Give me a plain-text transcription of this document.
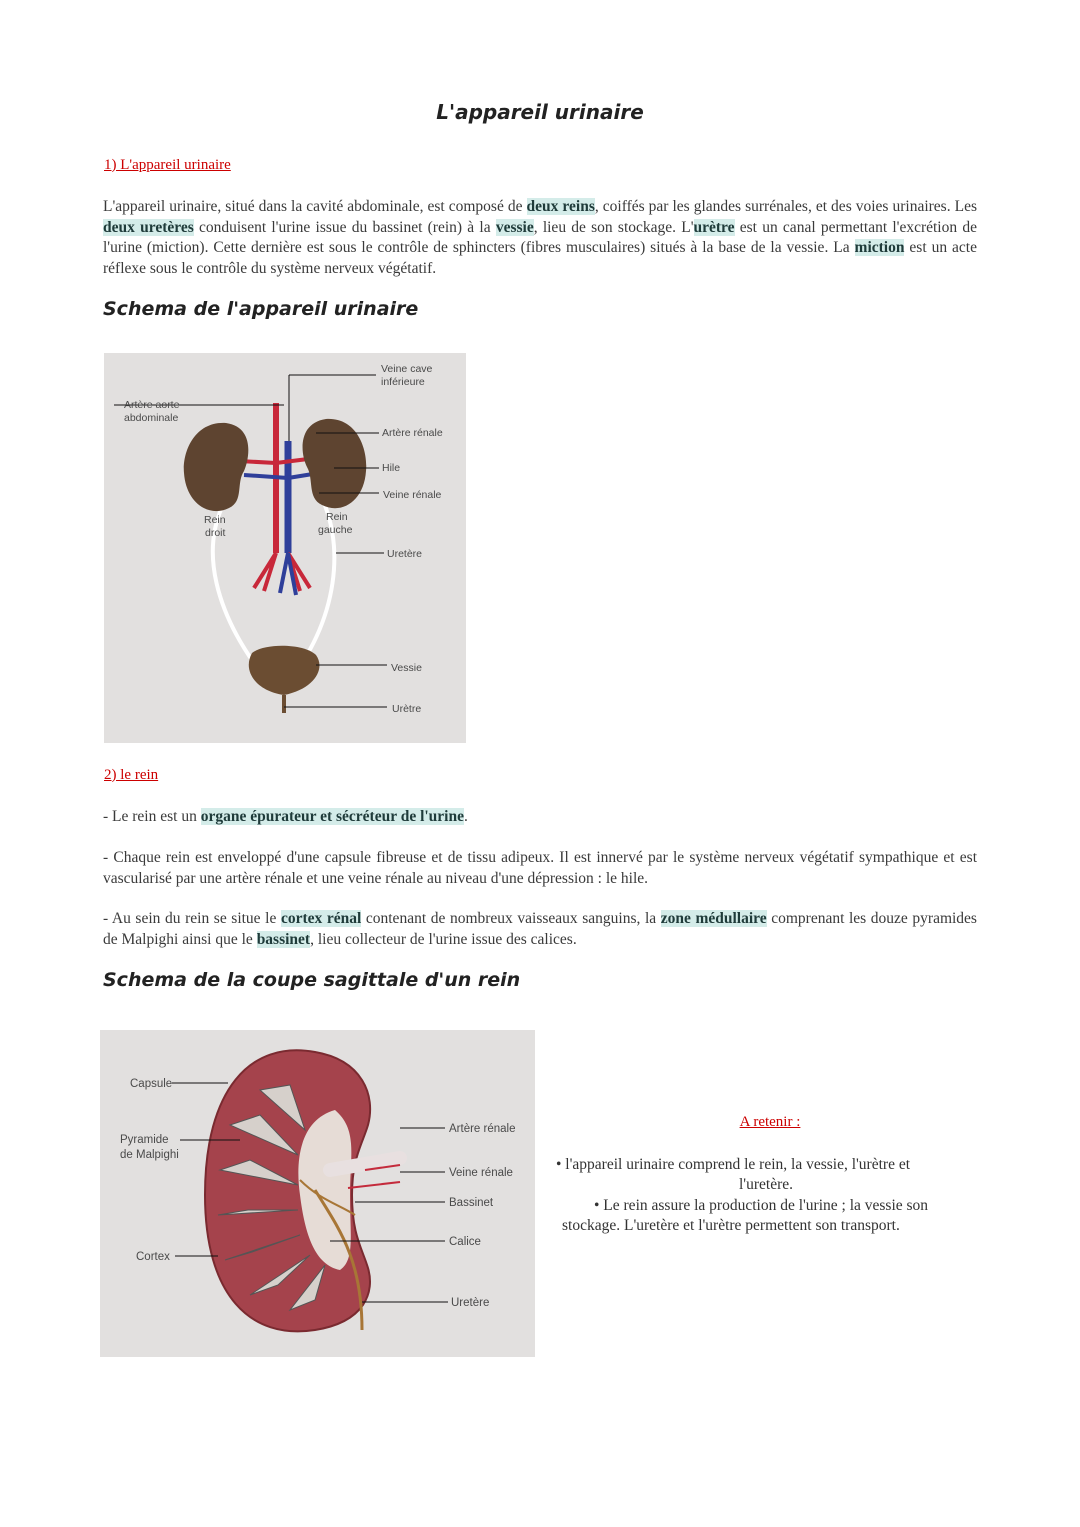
L'appareil urinaire
1) L'appareil urinaire
L'appareil urinaire, situé dans la cavité abdominale, est composé de deux reins, coiffés par les glandes surrénales, et des voies urinaires. Les deux uretères conduisent l'urine issue du bassinet (rein) à la vessie, lieu de son stockage. L'urètre est un canal permettant l'excrétion de l'urine (miction). Cette dernière est sous le contrôle de sphincters (fibres musculaires) situés à la base de la vessie. La miction est un acte réflexe sous le contrôle du système nerveux végétatif.
Schema de l'appareil urinaire
Artère aorte
abdominale
Veine cave
inférieure
Artère rénale
Hile
Veine rénale
Rein
droit
Rein
gauche
Uretère
Vessie
Urètre
2) le rein
- Le rein est un organe épurateur et sécréteur de l'urine.
- Chaque rein est enveloppé d'une capsule fibreuse et de tissu adipeux. Il est innervé par le système nerveux végétatif sympathique et est vascularisé par une artère rénale et une veine rénale au niveau d'une dépression : le hile.
- Au sein du rein se situe le cortex rénal contenant de nombreux vaisseaux sanguins, la zone médullaire comprenant les douze pyramides de Malpighi ainsi que le bassinet, lieu collecteur de l'urine issue des calices.
Schema de la coupe sagittale d'un rein
Capsule
Pyramide
de Malpighi
Cortex
Artère rénale
Veine rénale
Bassinet
Calice
Uretère
A retenir :
• l'appareil urinaire comprend le rein, la vessie, l'urètre et
l'uretère.
• Le rein assure la production de l'urine ; la vessie son
stockage. L'uretère et l'urètre permettent son transport.
